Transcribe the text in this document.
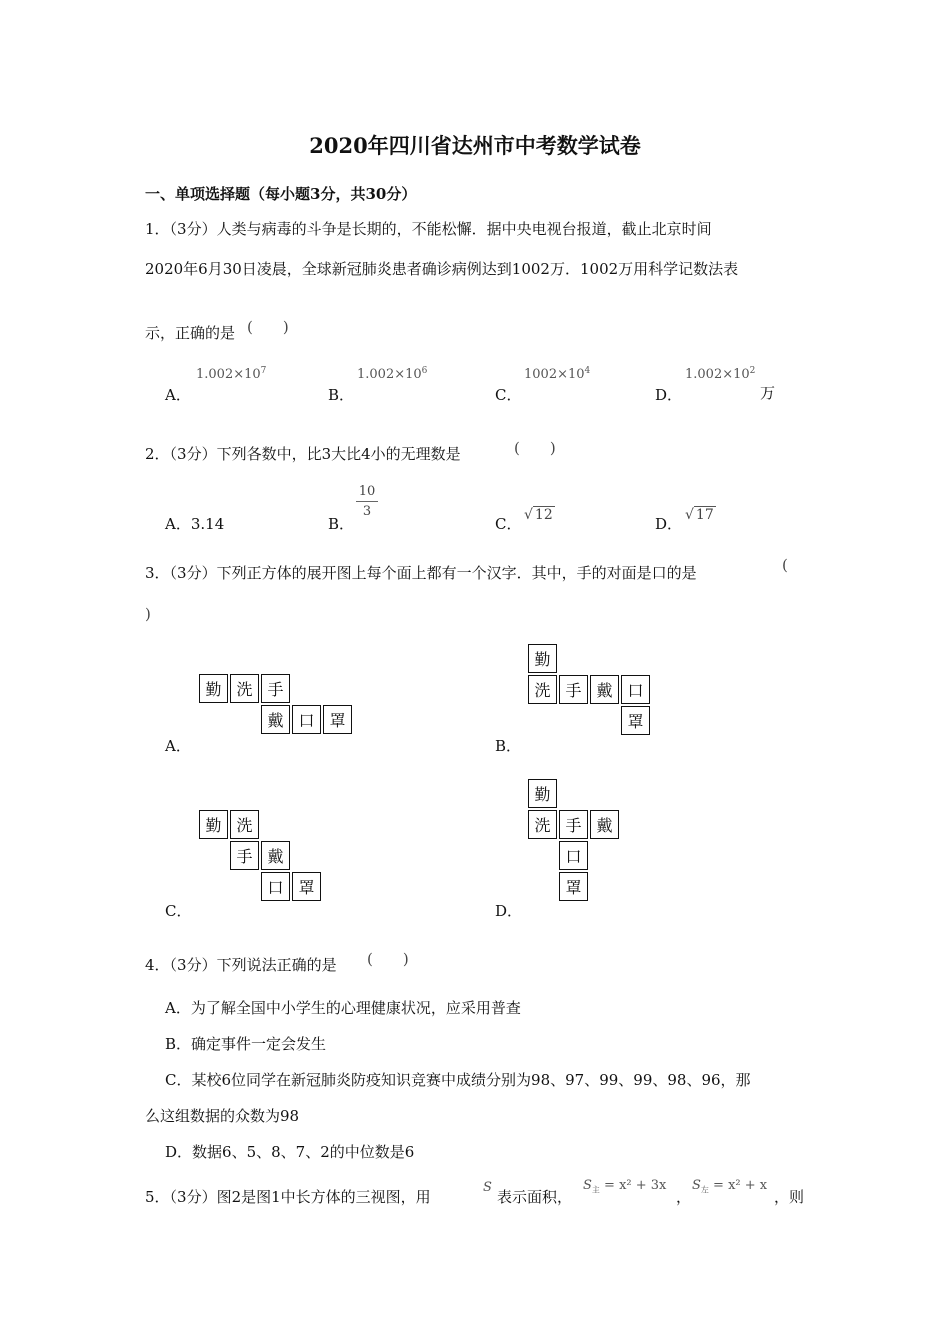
2020年四川省达州市中考数学试卷
一、单项选择题（每小题3分，共30分）
1．（3分）人类与病毒的斗争是长期的，不能松懈．据中央电视台报道，截止北京时间
2020年6月30日凌晨，全球新冠肺炎患者确诊病例达到1002万．1002万用科学记数法表
示，正确的是 (　　)
A．
$1.002\times 10^7$
B．
$1.002\times 10^6$
C．
$1002\times 10^4$
D．
$1.002\times 10^2$
万
2．（3分）下列各数中，比3大比4小的无理数是	(　　)
A．3.14	B．
10
3
C． √ 12	D． √ 17
3．（3分）下列正方体的展开图上每个面上都有一个汉字．其中，手的对面是口的是	(
)
勤 洗 手
戴 口 罩
A．
勤
洗 手 戴 口
罩
B．
勤 洗
手 戴
口 罩
C．
勤
洗 手 戴
口
罩
D．
4．（3分）下列说法正确的是 (　　)
A．为了解全国中小学生的心理健康状况，应采用普查
B．确定事件一定会发生
C．某校6位同学在新冠肺炎防疫知识竞赛中成绩分别为98、97、99、99、98、96，那
么这组数据的众数为98
D．数据6、5、8、7、2的中位数是6
5．（3分）图2是图1中长方体的三视图，用
S
表示面积，
$S_主 = x^2 + 3x$
，
$S_左 = x^2 + x$
，则
